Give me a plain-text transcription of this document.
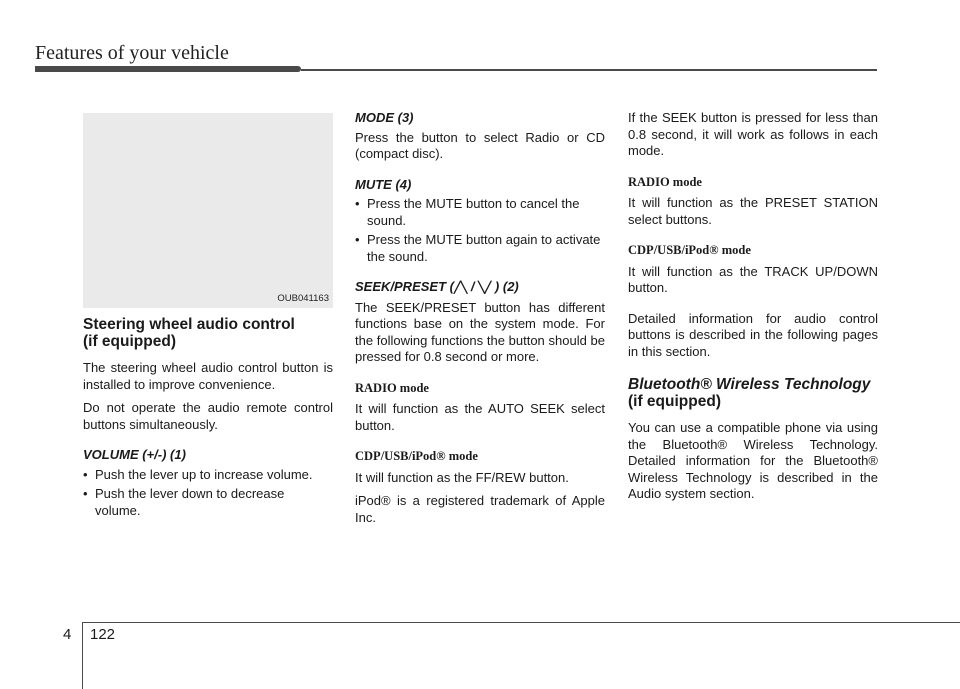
Features of your vehicle
OUB041163
Steering wheel audio control
(if equipped)

The steering wheel audio control button is installed to improve convenience.

Do not operate the audio remote control buttons simultaneously.

VOLUME (+/-) (1)
• Push the lever up to increase volume.
• Push the lever down to decrease volume.
MODE (3)

Press the button to select Radio or CD (compact disc).

MUTE (4)
• Press the MUTE button to cancel the sound.
• Press the MUTE button again to activate the sound.
SEEK/PRESET (╱╲ / ╲╱ ) (2)

The SEEK/PRESET button has different functions base on the system mode. For the following functions the button should be pressed for 0.8 second or more.

RADIO mode

It will function as the AUTO SEEK select button.

CDP/USB/iPod® mode

It will function as the FF/REW button.

iPod® is a registered trademark of Apple Inc.

If the SEEK button is pressed for less than 0.8 second, it will work as follows in each mode.

RADIO mode

It will function as the PRESET STATION select buttons.

CDP/USB/iPod® mode

It will function as the TRACK UP/DOWN button.

Detailed information for audio control buttons is described in the following pages in this section.

Bluetooth® Wireless Technology
(if equipped)

You can use a compatible phone via using the Bluetooth® Wireless Technology. Detailed information for the Bluetooth® Wireless Technology is described in the Audio system section.

4 122
